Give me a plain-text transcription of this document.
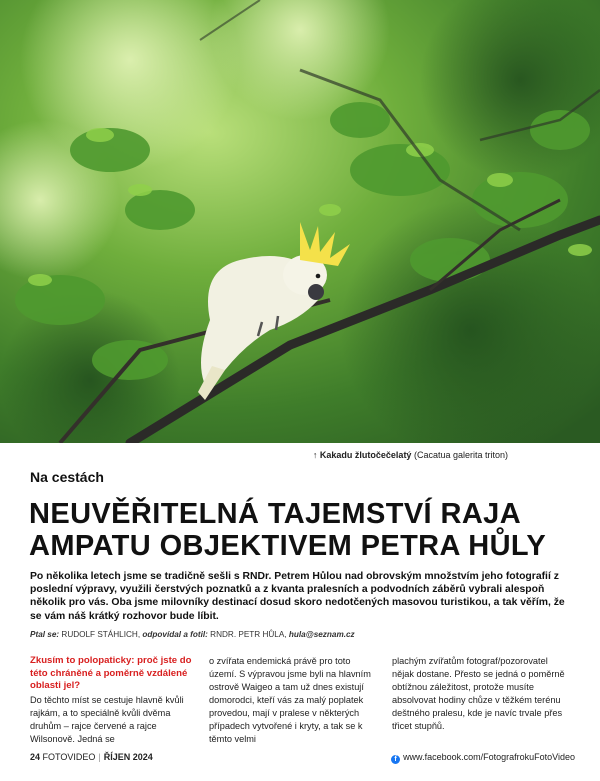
↑ Kakadu žlutočečelatý (Cacatua galerita triton)
Na cestách
NEUVĚŘITELNÁ TAJEMSTVÍ RAJA
AMPATU OBJEKTIVEM PETRA HŮLY

Po několika letech jsme se tradičně sešli s RNDr. Petrem Hůlou nad obrovským množstvím jeho fotografií z poslední výpravy, využili čerstvých poznatků a z kvanta pralesních a podvodních záběrů vybrali alespoň několik pro vás. Oba jsme milovníky destinací dosud skoro nedotčených masovou turistikou, a tak věřím, že se vám náš krátký rozhovor bude líbit.

Ptal se: RUDOLF STÁHLICH, odpovídal a fotil: RNDR. PETR HŮLA, hula@seznam.cz
Zkusím to polopaticky: proč jste do této chráněné a poměrně vzdálené oblasti jel?
Do těchto míst se cestuje hlavně kvůli rajkám, a to speciálně kvůli dvěma druhům – rajce červené a rajce Wilsonově. Jedná se
o zvířata endemická právě pro toto území. S výpravou jsme byli na hlavním ostrově Waigeo a tam už dnes existují domorodci, kteří vás za malý poplatek provedou, mají v pralese v některých případech vytvořené i kryty, a tak se k těmto velmi
plachým zvířatům fotograf/pozorovatel nějak dostane. Přesto se jedná o poměrně obtížnou záležitost, protože musíte absolvovat hodiny chůze v těžkém terénu deštného pralesu, kde je navíc trvale přes třicet stupňů.
24 FOTOVIDEO | ŘÍJEN 2024	f www.facebook.com/FotografrokuFotoVideo
